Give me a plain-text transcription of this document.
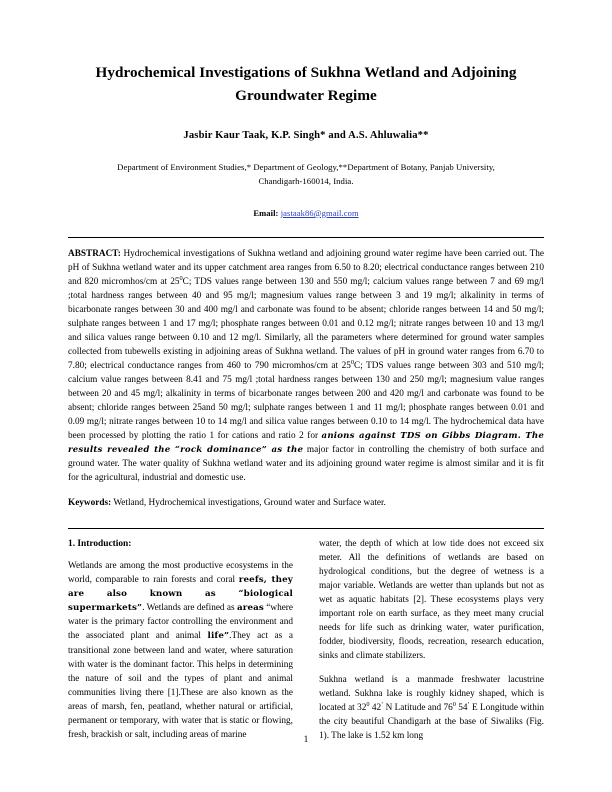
Hydrochemical Investigations of Sukhna Wetland and Adjoining Groundwater Regime
Jasbir Kaur Taak, K.P. Singh* and A.S. Ahluwalia**
Department of Environment Studies,* Department of Geology,**Department of Botany, Panjab University,
Chandigarh-160014, India.
Email: jastaak86@gmail.com
ABSTRACT: Hydrochemical investigations of Sukhna wetland and adjoining ground water regime have been carried out. The pH of Sukhna wetland water and its upper catchment area ranges from 6.50 to 8.20; electrical conductance ranges between 210 and 820 micromhos/cm at $25^0C$; TDS values range between 130 and 550 mg/l; calcium values range between 7 and 69 mg/l ;total hardness ranges between 40 and 95 mg/l; magnesium values range between 3 and 19 mg/l; alkalinity in terms of bicarbonate ranges between 30 and 400 mg/l and carbonate was found to be absent; chloride ranges between 14 and 50 mg/l; sulphate ranges between 1 and 17 mg/l; phosphate ranges between 0.01 and 0.12 mg/l; nitrate ranges between 10 and 13 mg/l and silica values range between 0.10 and 12 mg/l. Similarly, all the parameters where determined for ground water samples collected from tubewells existing in adjoining areas of Sukhna wetland. The values of pH in ground water ranges from 6.70 to 7.80; electrical conductance ranges from 460 to 790 micromhos/cm at $25^0C$; TDS values range between 303 and 510 mg/l; calcium value ranges between 8.41 and 75 mg/l ;total hardness ranges between 130 and 250 mg/l; magnesium value ranges between 20 and 45 mg/l; alkalinity in terms of bicarbonate ranges between 200 and 420 mg/l and carbonate was found to be absent; chloride ranges between 25and 50 mg/l; sulphate ranges between 1 and 11 mg/l; phosphate ranges between 0.01 and 0.09 mg/l; nitrate ranges between 10 to 14 mg/l and silica value ranges between 0.10 to 14 mg/l. The hydrochemical data have been processed by plotting the ratio 1 for cations and ratio 2 for anions against TDS on Gibbs Diagram. The results revealed the “rock dominance” as the major factor in controlling the chemistry of both surface and ground water. The water quality of Sukhna wetland water and its adjoining ground water regime is almost similar and it is fit for the agricultural, industrial and domestic use.
Keywords: Wetland, Hydrochemical investigations, Ground water and Surface water.
1. Introduction:

Wetlands are among the most productive ecosystems in the world, comparable to rain forests and coral reefs, they are also known as “biological supermarkets”. Wetlands are defined as areas “where water is the primary factor controlling the environment and the associated plant and animal life”.They act as a transitional zone between land and water, where saturation with water is the dominant factor. This helps in determining the nature of soil and the types of plant and animal communities living there [1].These are also known as the areas of marsh, fen, peatland, whether natural or artificial, permanent or temporary, with water that is static or flowing, fresh, brackish or salt, including areas of marine

water, the depth of which at low tide does not exceed six meter. All the definitions of wetlands are based on hydrological conditions, but the degree of wetness is a major variable. Wetlands are wetter than uplands but not as wet as aquatic habitats [2]. These ecosystems plays very important role on earth surface, as they meet many crucial needs for life such as drinking water, water purification, fodder, biodiversity, floods, recreation, research education, sinks and climate stabilizers.

Sukhna wetland is a manmade freshwater lacustrine wetland. Sukhna lake is roughly kidney shaped, which is located at $32^0$ 42’ N Latitude and $76^0$ 54’ E Longitude within the city beautiful Chandigarh at the base of Siwaliks (Fig. 1). The lake is 1.52 km long

1
